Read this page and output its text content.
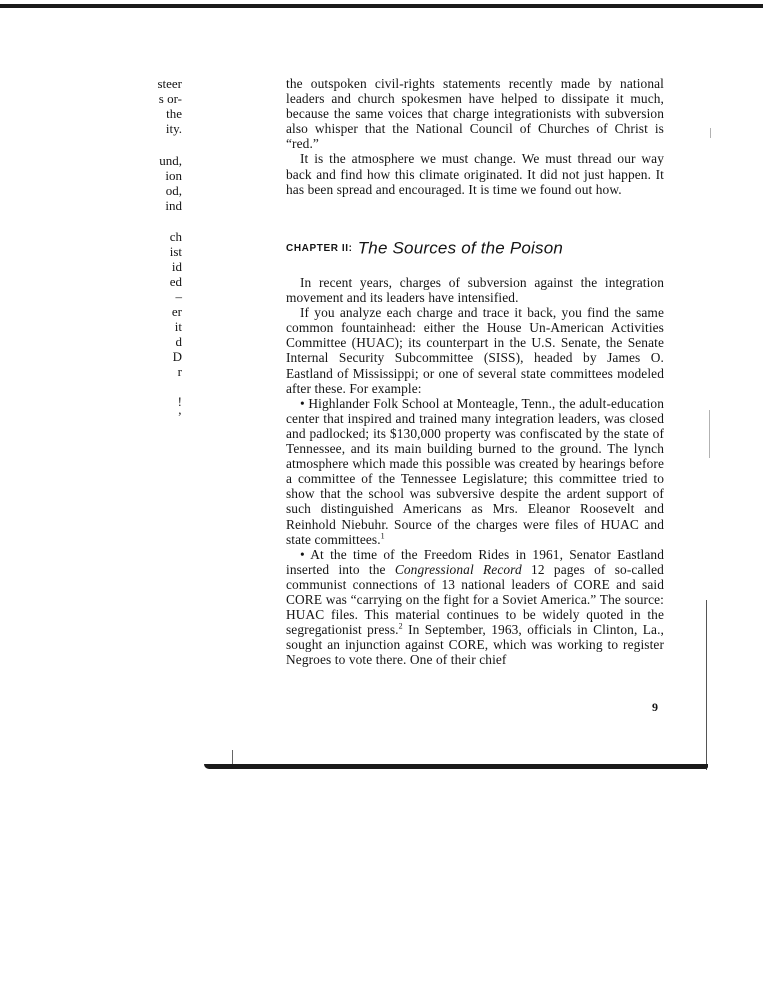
steer
s or-
the
ity.
und,
ion
od,
ind
ch
ist
id
ed
–
er
it
d
D
r
!
ʼ

the outspoken civil-rights statements recently made by national leaders and church spokesmen have helped to dissipate it much, because the same voices that charge integrationists with subversion also whisper that the National Council of Churches of Christ is “red.”

It is the atmosphere we must change. We must thread our way back and find how this climate originated. It did not just happen. It has been spread and encouraged. It is time we found out how.

CHAPTER II: The Sources of the Poison

In recent years, charges of subversion against the integration movement and its leaders have intensified.

If you analyze each charge and trace it back, you find the same common fountainhead: either the House Un-American Activities Committee (HUAC); its counterpart in the U.S. Senate, the Senate Internal Security Subcommittee (SISS), headed by James O. Eastland of Mississippi; or one of several state committees modeled after these. For example:

• Highlander Folk School at Monteagle, Tenn., the adult-education center that inspired and trained many integration leaders, was closed and padlocked; its $130,000 property was confiscated by the state of Tennessee, and its main building burned to the ground. The lynch atmosphere which made this possible was created by hearings before a committee of the Tennessee Legislature; this committee tried to show that the school was subversive despite the ardent support of such distinguished Americans as Mrs. Eleanor Roosevelt and Reinhold Niebuhr. Source of the charges were files of HUAC and state committees.$^1$

• At the time of the Freedom Rides in 1961, Senator Eastland inserted into the Congressional Record 12 pages of so-called communist connections of 13 national leaders of CORE and said CORE was “carrying on the fight for a Soviet America.” The source: HUAC files. This material continues to be widely quoted in the segregationist press.$^2$ In September, 1963, officials in Clinton, La., sought an injunction against CORE, which was working to register Negroes to vote there. One of their chief

9
